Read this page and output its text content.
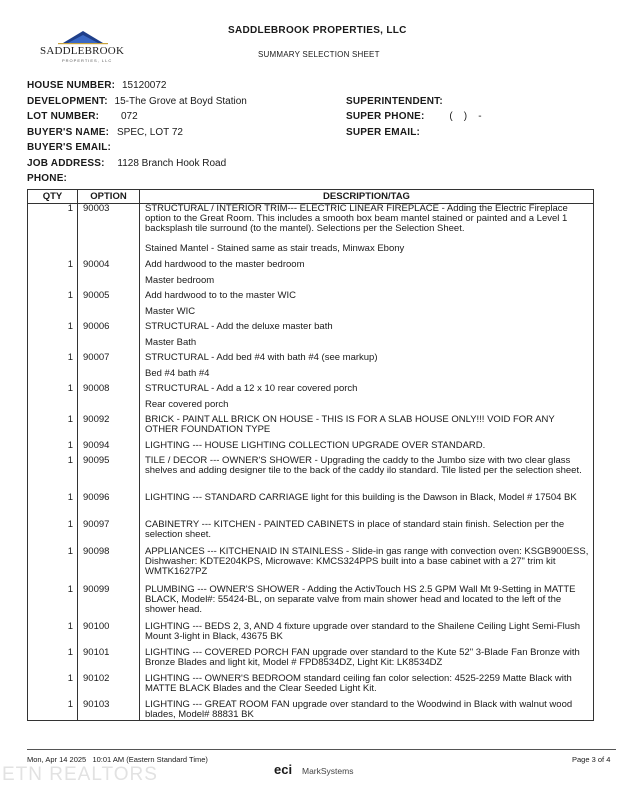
SADDLEBROOK
PROPERTIES, LLC
SADDLEBROOK PROPERTIES, LLC
SUMMARY SELECTION SHEET
HOUSE NUMBER: 15120072
DEVELOPMENT: 15-The Grove at Boyd Station
LOT NUMBER: 072
BUYER'S NAME: SPEC, LOT 72
BUYER'S EMAIL:
JOB ADDRESS: 1128 Branch Hook Road
PHONE:
SUPERINTENDENT:
SUPER PHONE: (    )    -
SUPER EMAIL:
QTY	OPTION	DESCRIPTION/TAG
1 90003	STRUCTURAL / INTERIOR TRIM--- ELECTRIC LINEAR FIREPLACE - Adding the Electric Fireplace option to the Great Room. This includes a smooth box beam mantel stained or painted and a Level 1 backsplash tile surround (to the mantel). Selections per the Selection Sheet.
Stained Mantel - Stained same as stair treads, Minwax Ebony
1 90004	Add hardwood to the master bedroom
Master bedroom
1 90005	Add hardwood to to the master WIC
Master WIC
1 90006	STRUCTURAL - Add the deluxe master bath
Master Bath
1 90007	STRUCTURAL - Add bed #4 with bath #4 (see markup)
Bed #4 bath #4
1 90008	STRUCTURAL - Add a 12 x 10 rear covered porch
Rear covered porch
1 90092	BRICK - PAINT ALL BRICK ON HOUSE - THIS IS FOR A SLAB HOUSE ONLY!!! VOID FOR ANY OTHER FOUNDATION TYPE
1 90094	LIGHTING --- HOUSE LIGHTING COLLECTION UPGRADE OVER STANDARD.
1 90095	TILE / DECOR --- OWNER'S SHOWER - Upgrading the caddy to the Jumbo size with two clear glass shelves and adding designer tile to the back of the caddy ilo standard. Tile listed per the selection sheet.
1 90096	LIGHTING --- STANDARD CARRIAGE light for this building is the Dawson in Black, Model # 17504 BK
1 90097	CABINETRY --- KITCHEN - PAINTED CABINETS in place of standard stain finish. Selection per the selection sheet.
1 90098	APPLIANCES --- KITCHENAID IN STAINLESS - Slide-in gas range with convection oven: KSGB900ESS, Dishwasher: KDTE204KPS, Microwave: KMCS324PPS built into a base cabinet with a 27" trim kit WMTK1627PZ
1 90099	PLUMBING --- OWNER'S SHOWER - Adding the ActivTouch HS 2.5 GPM Wall Mt 9-Setting in MATTE BLACK, Model#: 55424-BL, on separate valve from main shower head and located to the left of the shower head.
1 90100	LIGHTING --- BEDS 2, 3, AND 4 fixture upgrade over standard to the Shailene Ceiling Light Semi-Flush Mount 3-light in Black, 43675 BK
1 90101	LIGHTING --- COVERED PORCH FAN upgrade over standard to the Kute 52" 3-Blade Fan Bronze with Bronze Blades and light kit, Model # FPD8534DZ, Light Kit: LK8534DZ
1 90102	LIGHTING --- OWNER'S BEDROOM standard ceiling fan color selection: 4525-2259 Matte Black with MATTE BLACK Blades and the Clear Seeded Light Kit.
1 90103	LIGHTING --- GREAT ROOM FAN upgrade over standard to the Woodwind in Black with walnut wood blades, Model# 88831 BK
Mon, Apr 14 2025   10:01 AM (Eastern Standard Time)	Page 3 of 4
eci MarkSystems
ETN REALTORS
